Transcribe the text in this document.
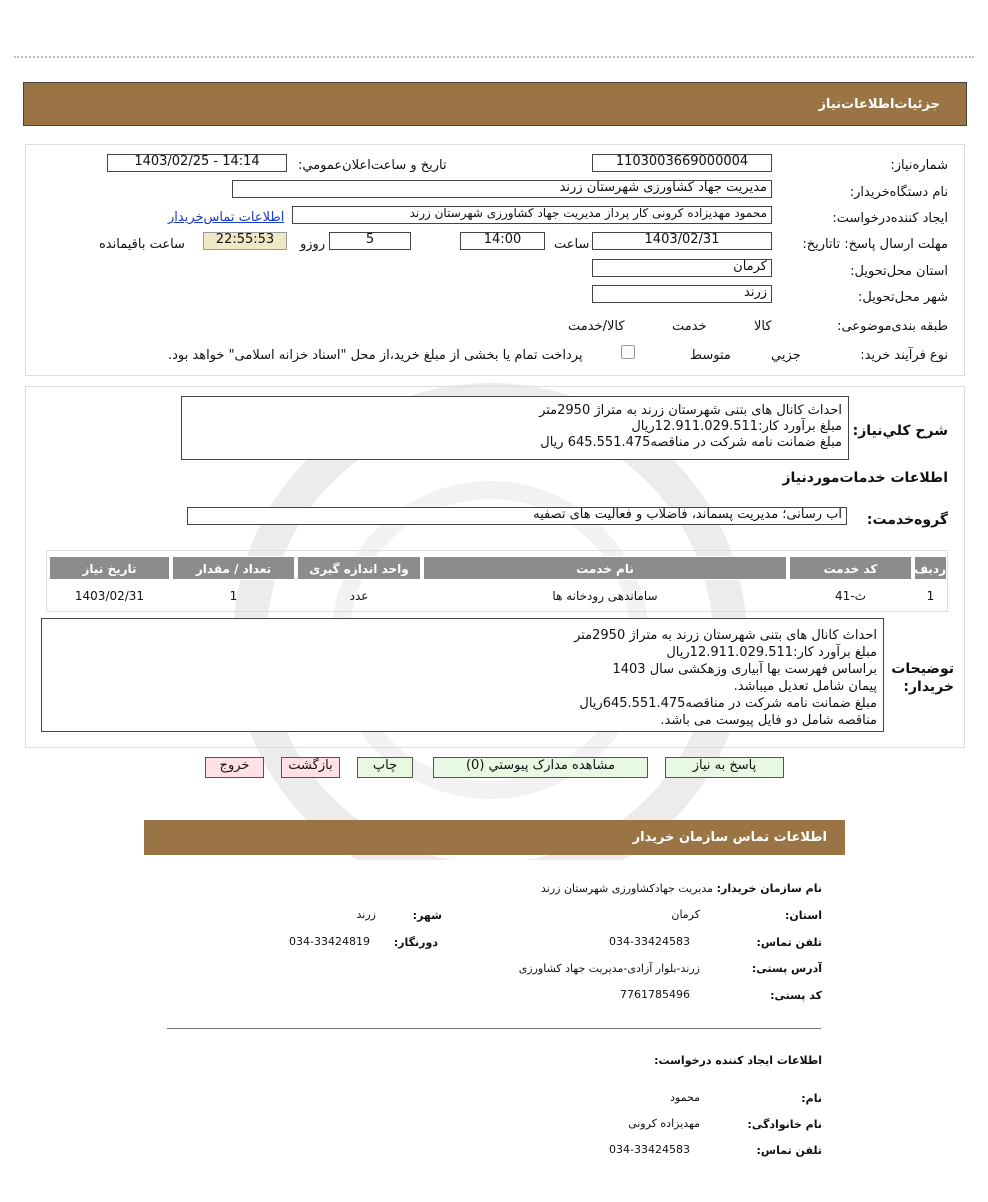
جزئیات‌اطلاعات‌نیاز
شماره‌نیاز:
1103003669000004
تاریخ و ساعت‌اعلان‌عمومي:
1403/02/25 - 14:14
نام دستگاه‌خریدار:
مدیریت جهاد کشاورزی شهرستان زرند
ایجاد کننده‌درخواست:
محمود مهدیزاده کرونی کار پرداز مدیریت جهاد کشاورزی شهرستان زرند
اطلاعات تماس‌خریدار
مهلت ارسال پاسخ: تاتاریخ:
1403/02/31
ساعت
14:00
5
روزو
22:55:53
ساعت باقیمانده
استان محل‌تحویل:
کرمان
شهر محل‌تحویل:
زرند
طبقه بندی‌موضوعی:

کالا

خدمت

کالا/خدمت
نوع فرآیند خرید:

جزیي
متوسط
پرداخت تمام یا بخشی از مبلغ خرید،از محل "اسناد خزانه اسلامی" خواهد بود.
شرح کلي‌نیاز:
احداث کانال های بتنی شهرستان زرند به متراژ 2950متر
مبلغ برآورد کار:12.911.029.511ریال
مبلغ ضمانت نامه شرکت در مناقصه645.551.475 ریال
اطلاعات خدمات‌مورد‌نیاز
گروه‌خدمت:
آب رسانی؛ مدیریت پسماند، فاضلاب و فعالیت های تصفیه
ردیف
کد خدمت
نام خدمت
واحد اندازه گیری
تعداد / مقدار
تاریخ نیاز
1
ث-41
ساماندهی رودخانه ها
عدد
1
1403/02/31
توضیحات خریدار:
احداث کانال های بتنی شهرستان زرند به متراژ 2950متر
مبلغ برآورد کار:12.911.029.511ریال
براساس فهرست بها آبیاری وزهکشی سال 1403
پیمان شامل تعدیل میباشد.
مبلغ ضمانت نامه شرکت در مناقصه645.551.475ریال
مناقصه شامل دو فایل پیوست می باشد.
پاسخ به نیاز
مشاهده مدارک پیوستي (0)
چاپ
بازگشت
خروج
اطلاعات تماس سازمان خریدار
نام سازمان خریدار:
مدیریت جهادکشاورزی شهرستان زرند
استان:
کرمان
شهر:
زرند
تلفن تماس:
034-33424583
دورنگار:
034-33424819
آدرس پستی:
زرند-بلوار آزادی-مدیریت جهاد کشاورزی
کد پستی:
7761785496
اطلاعات ایجاد کننده درخواست:
نام:
محمود
نام خانوادگی:
مهدیزاده کرونی
تلفن تماس:
034-33424583
